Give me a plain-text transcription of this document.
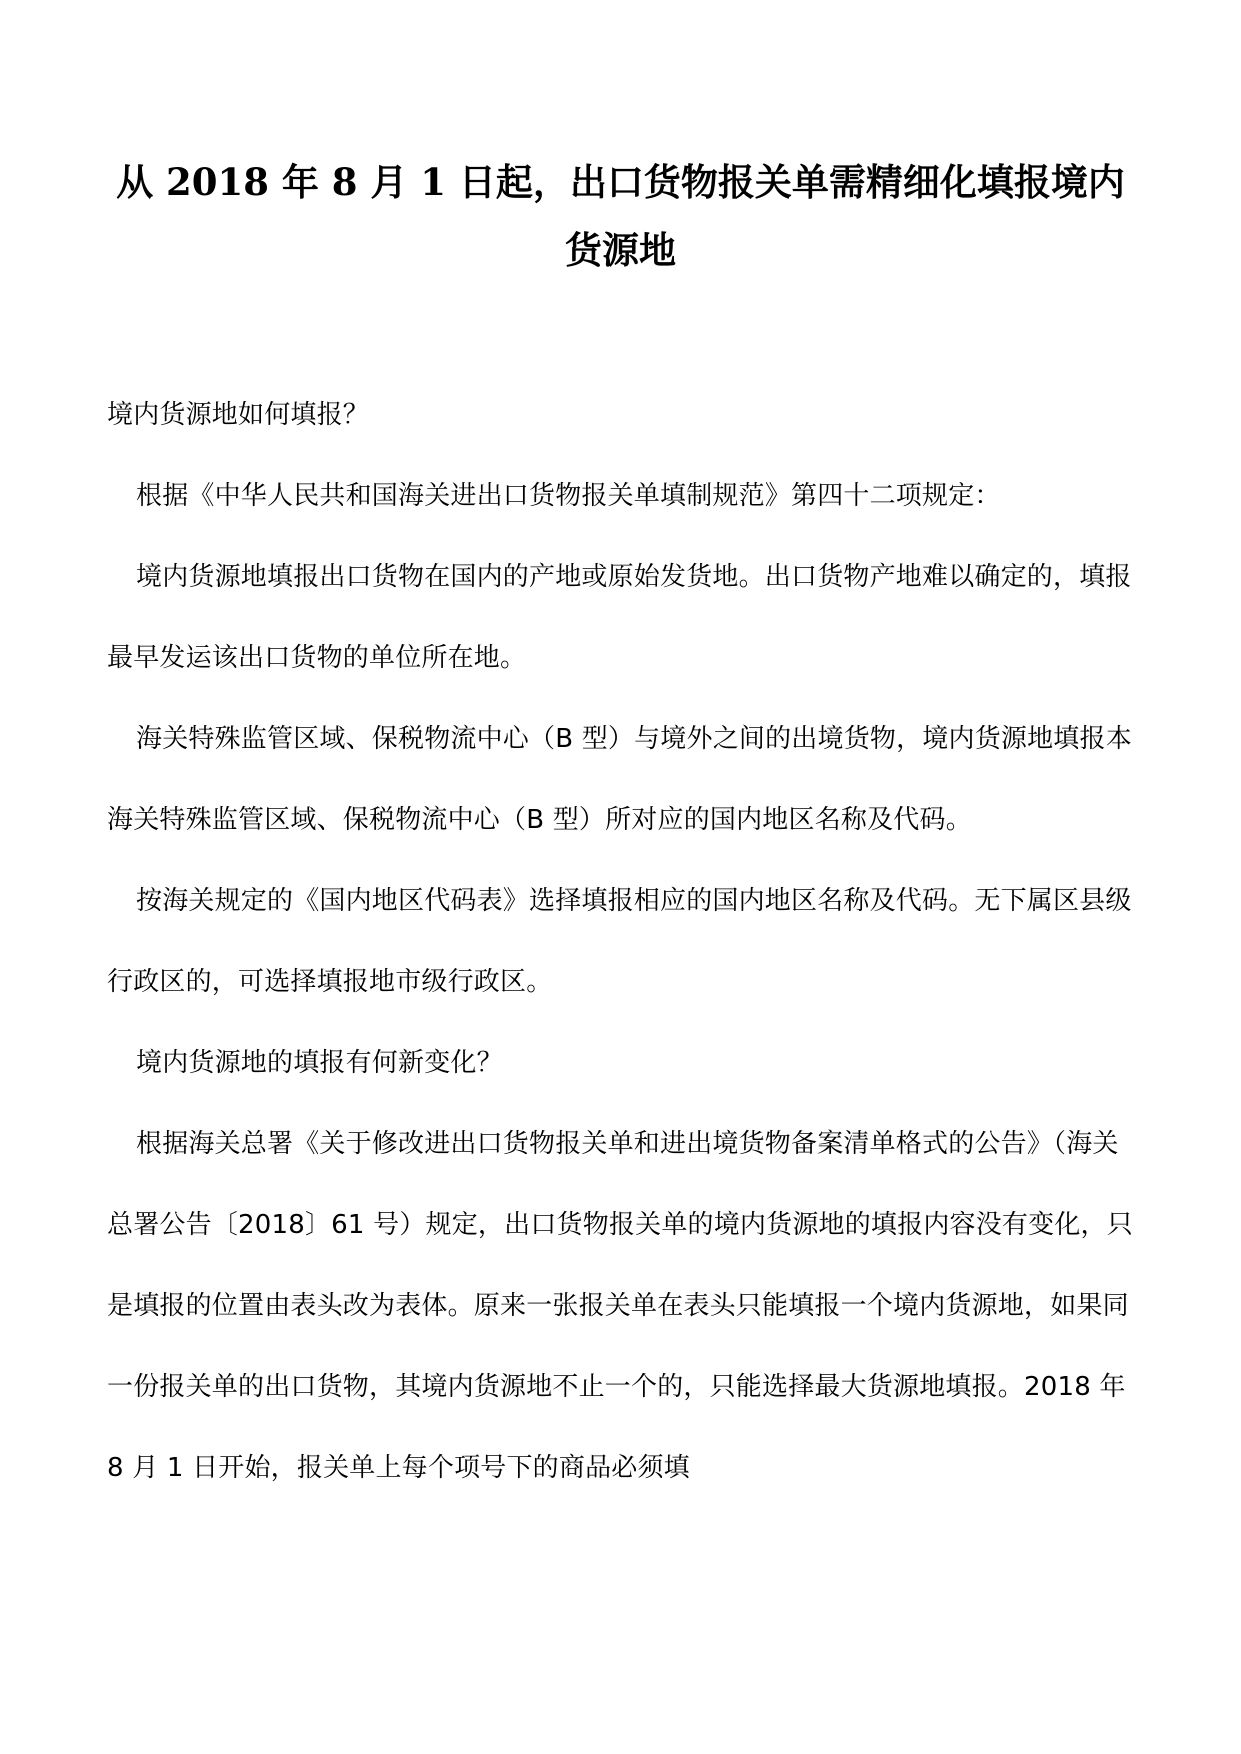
从 2018 年 8 月 1 日起，出口货物报关单需精细化填报境内货源地

境内货源地如何填报？

根据《中华人民共和国海关进出口货物报关单填制规范》第四十二项规定：

境内货源地填报出口货物在国内的产地或原始发货地。出口货物产地难以确定的，填报最早发运该出口货物的单位所在地。

海关特殊监管区域、保税物流中心（B 型）与境外之间的出境货物，境内货源地填报本海关特殊监管区域、保税物流中心（B 型）所对应的国内地区名称及代码。

按海关规定的《国内地区代码表》选择填报相应的国内地区名称及代码。无下属区县级行政区的，可选择填报地市级行政区。

境内货源地的填报有何新变化？

根据海关总署《关于修改进出口货物报关单和进出境货物备案清单格式的公告》（海关总署公告〔2018〕61 号）规定，出口货物报关单的境内货源地的填报内容没有变化，只是填报的位置由表头改为表体。原来一张报关单在表头只能填报一个境内货源地，如果同一份报关单的出口货物，其境内货源地不止一个的，只能选择最大货源地填报。2018 年 8 月 1 日开始，报关单上每个项号下的商品必须填
